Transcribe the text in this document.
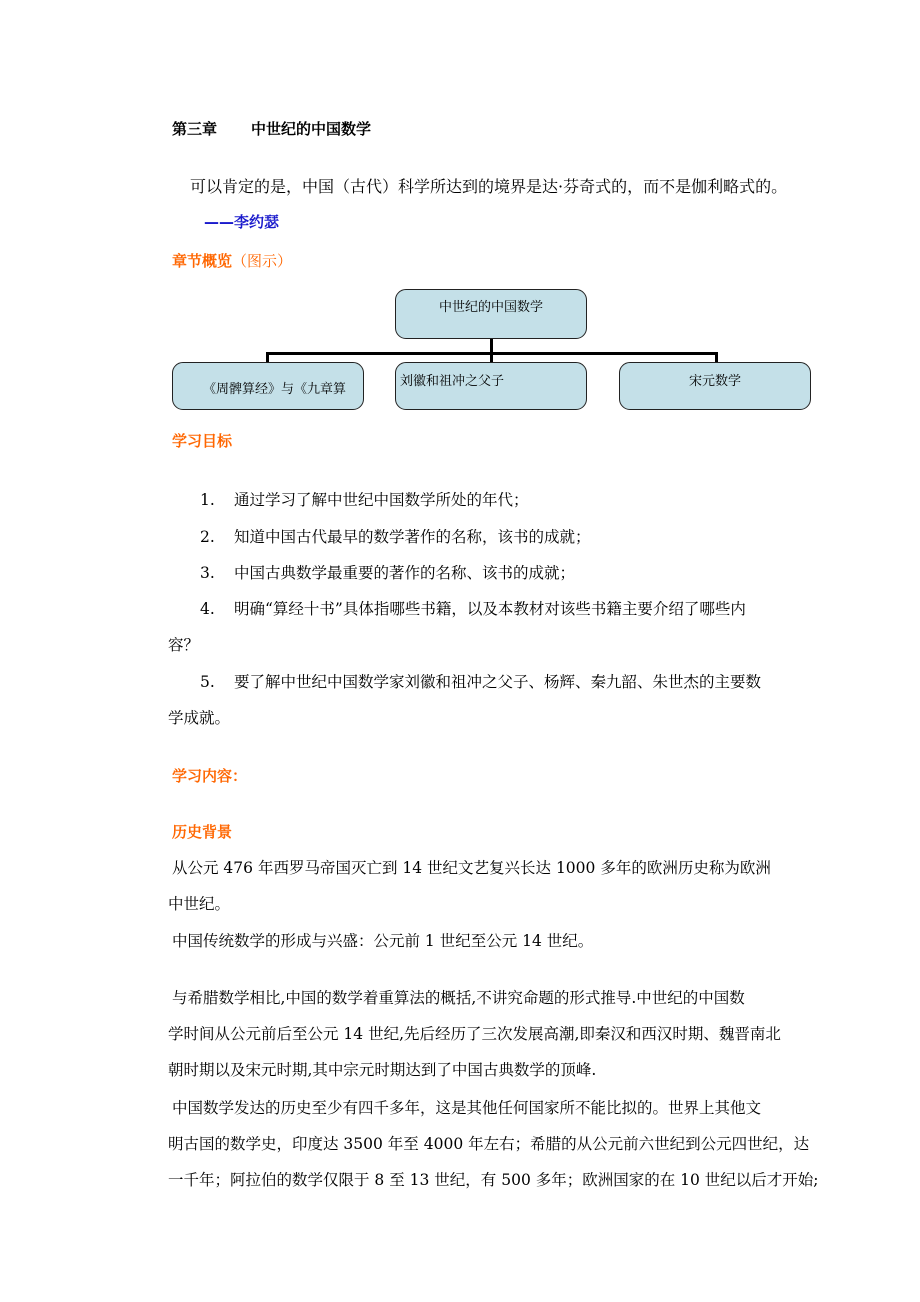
第三章 中世纪的中国数学
可以肯定的是，中国（古代）科学所达到的境界是达·芬奇式的，而不是伽利略式的。
——李约瑟
章节概览（图示）
中世纪的中国数学
《周髀算经》与《九章算
刘徽和祖冲之父子	宋元数学
学习目标
1. 通过学习了解中世纪中国数学所处的年代；
2. 知道中国古代最早的数学著作的名称，该书的成就；
3. 中国古典数学最重要的著作的名称、该书的成就；
4. 明确“算经十书”具体指哪些书籍，以及本教材对该些书籍主要介绍了哪些内
容？
5. 要了解中世纪中国数学家刘徽和祖冲之父子、杨辉、秦九韶、朱世杰的主要数
学成就。
学习内容：
历史背景
从公元 476 年西罗马帝国灭亡到 14 世纪文艺复兴长达 1000 多年的欧洲历史称为欧洲
中世纪。
中国传统数学的形成与兴盛：公元前 1 世纪至公元 14 世纪。
与希腊数学相比,中国的数学着重算法的概括,不讲究命题的形式推导.中世纪的中国数
学时间从公元前后至公元 14 世纪,先后经历了三次发展高潮,即秦汉和西汉时期、魏晋南北
朝时期以及宋元时期,其中宗元时期达到了中国古典数学的顶峰.
中国数学发达的历史至少有四千多年，这是其他任何国家所不能比拟的。世界上其他文
明古国的数学史，印度达 3500 年至 4000 年左右；希腊的从公元前六世纪到公元四世纪，达
一千年；阿拉伯的数学仅限于 8 至 13 世纪，有 500 多年；欧洲国家的在 10 世纪以后才开始;
